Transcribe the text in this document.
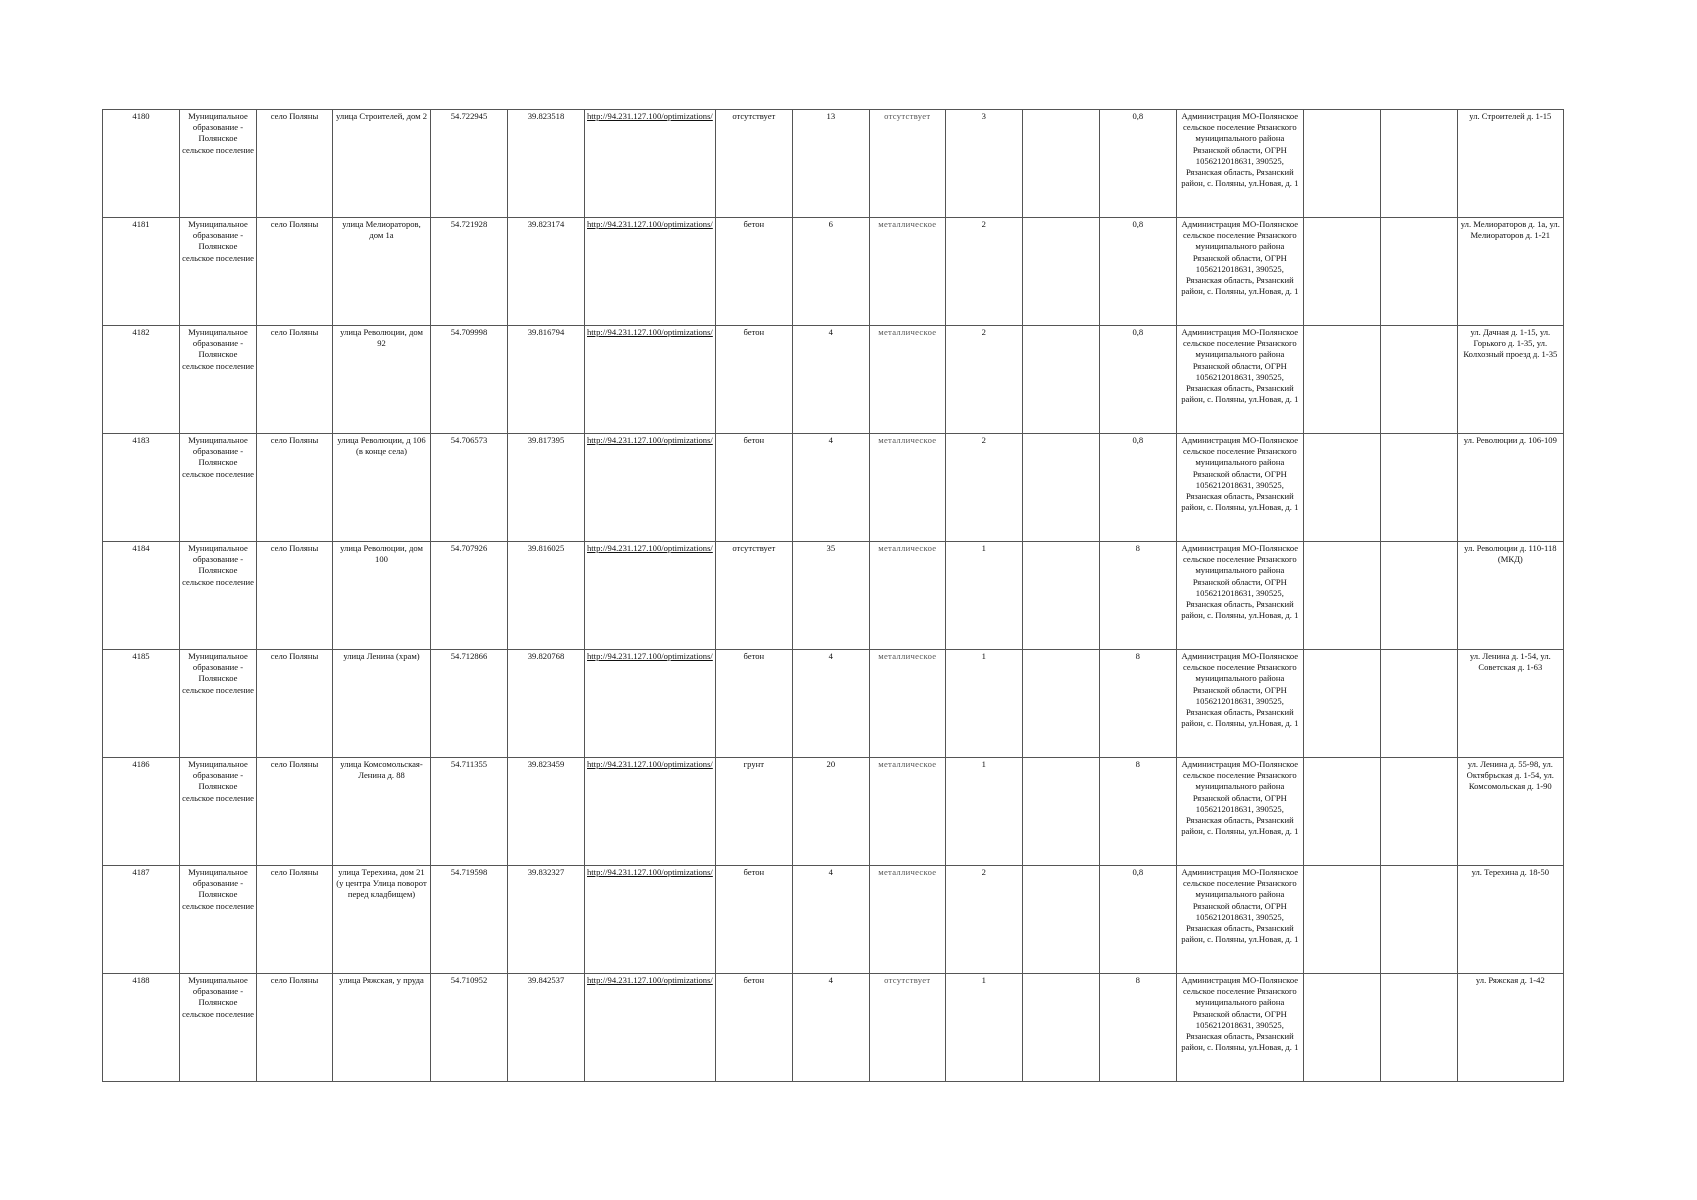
4180	Муниципальное образование - Полянское сельское поселение	село Поляны	улица Строителей, дом 2	54.722945	39.823518	http://94.231.127.100/optimizations/	отсутствует	13	отсутствует	3		0,8	Администрация МО-Полянское сельское поселение Рязанского муниципального района Рязанской области, ОГРН 1056212018631, 390525, Рязанская область, Рязанский район, с. Поляны, ул.Новая, д. 1			ул. Строителей д. 1-15
4181	Муниципальное образование - Полянское сельское поселение	село Поляны	улица Мелиораторов, дом 1а	54.721928	39.823174	http://94.231.127.100/optimizations/	бетон	6	металлическое	2		0,8	Администрация МО-Полянское сельское поселение Рязанского муниципального района Рязанской области, ОГРН 1056212018631, 390525, Рязанская область, Рязанский район, с. Поляны, ул.Новая, д. 1			ул. Мелиораторов д. 1а, ул. Мелиораторов д. 1-21
4182	Муниципальное образование - Полянское сельское поселение	село Поляны	улица Революции, дом 92	54.709998	39.816794	http://94.231.127.100/optimizations/	бетон	4	металлическое	2		0,8	Администрация МО-Полянское сельское поселение Рязанского муниципального района Рязанской области, ОГРН 1056212018631, 390525, Рязанская область, Рязанский район, с. Поляны, ул.Новая, д. 1			ул. Дачная д. 1-15, ул. Горького д. 1-35, ул. Колхозный проезд д. 1-35
4183	Муниципальное образование - Полянское сельское поселение	село Поляны	улица Революции, д 106 (в конце села)	54.706573	39.817395	http://94.231.127.100/optimizations/	бетон	4	металлическое	2		0,8	Администрация МО-Полянское сельское поселение Рязанского муниципального района Рязанской области, ОГРН 1056212018631, 390525, Рязанская область, Рязанский район, с. Поляны, ул.Новая, д. 1			ул. Революции д. 106-109
4184	Муниципальное образование - Полянское сельское поселение	село Поляны	улица Революции, дом 100	54.707926	39.816025	http://94.231.127.100/optimizations/	отсутствует	35	металлическое	1		8	Администрация МО-Полянское сельское поселение Рязанского муниципального района Рязанской области, ОГРН 1056212018631, 390525, Рязанская область, Рязанский район, с. Поляны, ул.Новая, д. 1			ул. Революции д. 110-118 (МКД)
4185	Муниципальное образование - Полянское сельское поселение	село Поляны	улица Ленина (храм)	54.712866	39.820768	http://94.231.127.100/optimizations/	бетон	4	металлическое	1		8	Администрация МО-Полянское сельское поселение Рязанского муниципального района Рязанской области, ОГРН 1056212018631, 390525, Рязанская область, Рязанский район, с. Поляны, ул.Новая, д. 1			ул. Ленина д. 1-54, ул. Советская д. 1-63
4186	Муниципальное образование - Полянское сельское поселение	село Поляны	улица Комсомольская-Ленина д. 88	54.711355	39.823459	http://94.231.127.100/optimizations/	грунт	20	металлическое	1		8	Администрация МО-Полянское сельское поселение Рязанского муниципального района Рязанской области, ОГРН 1056212018631, 390525, Рязанская область, Рязанский район, с. Поляны, ул.Новая, д. 1			ул. Ленина д. 55-98, ул. Октябрьская д. 1-54, ул. Комсомольская д. 1-90
4187	Муниципальное образование - Полянское сельское поселение	село Поляны	улица Терехина, дом 21 (у центра Улица поворот перед кладбищем)	54.719598	39.832327	http://94.231.127.100/optimizations/	бетон	4	металлическое	2		0,8	Администрация МО-Полянское сельское поселение Рязанского муниципального района Рязанской области, ОГРН 1056212018631, 390525, Рязанская область, Рязанский район, с. Поляны, ул.Новая, д. 1			ул. Терехина д. 18-50
4188	Муниципальное образование - Полянское сельское поселение	село Поляны	улица Ряжская, у пруда	54.710952	39.842537	http://94.231.127.100/optimizations/	бетон	4	отсутствует	1		8	Администрация МО-Полянское сельское поселение Рязанского муниципального района Рязанской области, ОГРН 1056212018631, 390525, Рязанская область, Рязанский район, с. Поляны, ул.Новая, д. 1			ул. Ряжская д. 1-42
